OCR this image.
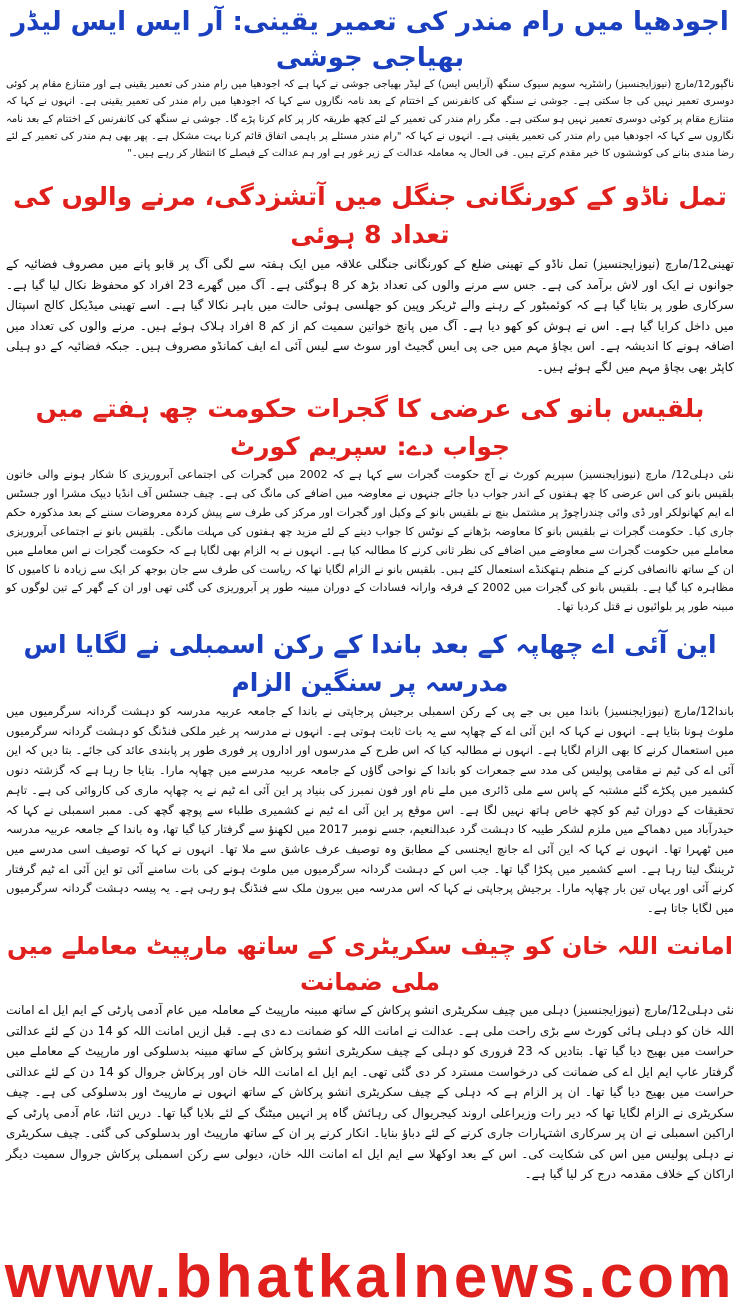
اجودھیا میں رام مندر کی تعمیر یقینی: آر ایس ایس لیڈر بھیاجی جوشی

ناگپور12/مارچ (نیوزایجنسیز) راشٹریہ سویم سیوک سنگھ (آرایس ایس) کے لیڈر بھیاجی جوشی نے کہا ہے کہ اجودھیا میں رام مندر کی تعمیر یقینی ہے اور متنازع مقام پر کوئی دوسری تعمیر نہیں کی جا سکتی ہے۔ جوشی نے سنگھ کی کانفرنس کے اختتام کے بعد نامہ نگاروں سے کہا کہ اجودھیا میں رام مندر کی تعمیر یقینی ہے۔ انہوں نے کہا کہ متنازع مقام پر کوئی دوسری تعمیر نہیں ہو سکتی ہے۔ مگر رام مندر کی تعمیر کے لئے کچھ طریقہ کار پر کام کرنا پڑے گا۔ جوشی نے سنگھ کی کانفرنس کے اختتام کے بعد نامہ نگاروں سے کہا کہ اجودھیا میں رام مندر کی تعمیر یقینی ہے۔ انہوں نے کہا کہ "رام مندر مسئلے پر باہمی اتفاق قائم کرنا بہت مشکل ہے۔ پھر بھی ہم مندر کی تعمیر کے لئے رضا مندی بنانے کی کوششوں کا خیر مقدم کرتے ہیں۔ فی الحال یہ معاملہ عدالت کے زیر غور ہے اور ہم عدالت کے فیصلے کا انتظار کر رہے ہیں۔"

تمل ناڈو کے کورنگانی جنگل میں آتشزدگی، مرنے والوں کی تعداد 8 ہوئی

تھینی12/مارچ (نیوزایجنسیز) تمل ناڈو کے تھینی ضلع کے کورنگانی جنگلی علاقہ میں ایک ہفتہ سے لگی آگ پر قابو پانے میں مصروف فضائیہ کے جوانوں نے ایک اور لاش برآمد کی ہے۔ جس سے مرنے والوں کی تعداد بڑھ کر 8 ہوگئی ہے۔ آگ میں گھرے 23 افراد کو محفوظ نکال لیا گیا ہے۔ سرکاری طور پر بتایا گیا ہے کہ کوئمبٹور کے رہنے والے ٹریکر وپین کو جھلسی ہوئی حالت میں باہر نکالا گیا ہے۔ اسے تھینی میڈیکل کالج اسپتال میں داخل کرایا گیا ہے۔ اس نے ہوش کو کھو دیا ہے۔ آگ میں پانچ خواتین سمیت کم از کم 8 افراد ہلاک ہوئے ہیں۔ مرنے والوں کی تعداد میں اضافہ ہونے کا اندیشہ ہے۔ اس بچاؤ مہم میں جی پی ایس گجیٹ اور سوٹ سے لیس آئی اے ایف کمانڈو مصروف ہیں۔ جبکہ فضائیہ کے دو ہیلی کاپٹر بھی بچاؤ مہم میں لگے ہوئے ہیں۔

بلقیس بانو کی عرضی کا گجرات حکومت چھ ہفتے میں جواب دے: سپریم کورٹ

نئی دہلی12/ مارچ (نیوزایجنسیز) سپریم کورٹ نے آج حکومت گجرات سے کہا ہے کہ 2002 میں گجرات کی اجتماعی آبروریزی کا شکار ہونے والی خاتون بلقیس بانو کی اس عرضی کا چھ ہفتوں کے اندر جواب دیا جائے جنہوں نے معاوضہ میں اضافے کی مانگ کی ہے۔ چیف جسٹس آف انڈیا دیپک مشرا اور جسٹس اے ایم کھانولکر اور ڈی وائی چندراچوڑ پر مشتمل بنچ نے بلقیس بانو کے وکیل اور گجرات اور مرکز کی طرف سے پیش کردہ معروضات سننے کے بعد مذکورہ حکم جاری کیا۔ حکومت گجرات نے بلقیس بانو کا معاوضہ بڑھانے کے نوٹس کا جواب دینے کے لئے مزید چھ ہفتوں کی مہلت مانگی۔ بلقیس بانو نے اجتماعی آبروریزی معاملے میں حکومت گجرات سے معاوضے میں اضافے کی نظر ثانی کرنے کا مطالبہ کیا ہے۔ انہوں نے یہ الزام بھی لگایا ہے کہ حکومت گجرات نے اس معاملے میں ان کے ساتھ ناانصافی کرنے کے منظم ہتھکنڈے استعمال کئے ہیں۔ بلقیس بانو نے الزام لگایا تھا کہ ریاست کی طرف سے جان بوجھ کر ایک سے زیادہ نا کامیوں کا مظاہرہ کیا گیا ہے۔ بلقیس بانو کی گجرات میں 2002 کے فرقہ وارانہ فسادات کے دوران مبینہ طور پر آبروریزی کی گئی تھی اور ان کے گھر کے تین لوگوں کو مبینہ طور پر بلوائیوں نے قتل کردیا تھا۔

این آئی اے چھاپہ کے بعد باندا کے رکن اسمبلی نے لگایا اس مدرسہ پر سنگین الزام

باندا12/مارچ (نیوزایجنسیز) باندا میں بی جے پی کے رکن اسمبلی برجیش پرجاپتی نے باندا کے جامعہ عربیہ مدرسہ کو دہشت گردانہ سرگرمیوں میں ملوث ہونا بتایا ہے۔ انہوں نے کہا کہ این آئی اے کے چھاپہ سے یہ بات ثابت ہوتی ہے۔ انہوں نے مدرسہ پر غیر ملکی فنڈنگ کو دہشت گردانہ سرگرمیوں میں استعمال کرنے کا بھی الزام لگایا ہے۔ انہوں نے مطالبہ کیا کہ اس طرح کے مدرسوں اور اداروں پر فوری طور پر پابندی عائد کی جائے۔ بتا دیں کہ این آئی اے کی ٹیم نے مقامی پولیس کی مدد سے جمعرات کو باندا کے نواحی گاؤں کے جامعہ عربیہ مدرسے میں چھاپہ مارا۔ بتایا جا رہا ہے کہ گزشتہ دنوں کشمیر میں پکڑے گئے مشتبہ کے پاس سے ملی ڈائری میں ملے نام اور فون نمبرز کی بنیاد پر این آئی اے ٹیم نے یہ چھاپہ ماری کی کاروائی کی ہے۔ تاہم تحقیقات کے دوران ٹیم کو کچھ خاص ہاتھ نہیں لگا ہے۔ اس موقع پر این آئی اے ٹیم نے کشمیری طلباء سے پوچھ گچھ کی۔ ممبر اسمبلی نے کہا کہ حیدرآباد میں دھماکے میں ملزم لشکر طیبہ کا دہشت گرد عبدالنعیم، جسے نومبر 2017 میں لکھنؤ سے گرفتار کیا گیا تھا، وہ باندا کے جامعہ عربیہ مدرسہ میں ٹھہرا تھا۔ انہوں نے کہا کہ این آئی اے جانچ ایجنسی کے مطابق وہ توصیف عرف عاشق سے ملا تھا۔ انہوں نے کہا کہ توصیف اسی مدرسے میں ٹریننگ لیتا رہا ہے۔ اسے کشمیر میں پکڑا گیا تھا۔ جب اس کے دہشت گردانہ سرگرمیوں میں ملوث ہونے کی بات سامنے آئی تو این آئی اے ٹیم گرفتار کرنے آئی اور یہاں تین بار چھاپہ مارا۔ برجیش پرجاپتی نے کہا کہ اس مدرسہ میں بیرون ملک سے فنڈنگ ہو رہی ہے۔ یہ پیسہ دہشت گردانہ سرگرمیوں میں لگایا جاتا ہے۔

امانت اللہ خان کو چیف سکریٹری کے ساتھ مارپیٹ معاملے میں ملی ضمانت

نئی دہلی12/مارچ (نیوزایجنسیز) دہلی میں چیف سکریٹری انشو پرکاش کے ساتھ مبینہ مارپیٹ کے معاملہ میں عام آدمی پارٹی کے ایم ایل اے امانت اللہ خان کو دہلی ہائی کورٹ سے بڑی راحت ملی ہے۔ عدالت نے امانت اللہ کو ضمانت دے دی ہے۔ قبل ازیں امانت اللہ کو 14 دن کے لئے عدالتی حراست میں بھیج دیا گیا تھا۔ بتادیں کہ 23 فروری کو دہلی کے چیف سکریٹری انشو پرکاش کے ساتھ مبینہ بدسلوکی اور مارپیٹ کے معاملے میں گرفتار عاپ ایم ایل اے کی ضمانت کی درخواست مسترد کر دی گئی تھی۔ ایم ایل اے امانت اللہ خان اور پرکاش جروال کو 14 دن کے لئے عدالتی حراست میں بھیج دیا گیا تھا۔ ان پر الزام ہے کہ دہلی کے چیف سکریٹری انشو پرکاش کے ساتھ انہوں نے مارپیٹ اور بدسلوکی کی ہے۔ چیف سکریٹری نے الزام لگایا تھا کہ دیر رات وزیراعلی اروند کیجریوال کی رہائش گاہ پر انہیں میٹنگ کے لئے بلایا گیا تھا۔ دریں اثنا، عام آدمی پارٹی کے اراکین اسمبلی نے ان پر سرکاری اشتہارات جاری کرنے کے لئے دباؤ بنایا۔ انکار کرنے پر ان کے ساتھ مارپیٹ اور بدسلوکی کی گئی۔ چیف سکریٹری نے دہلی پولیس میں اس کی شکایت کی۔ اس کے بعد اوکھلا سے ایم ایل اے امانت اللہ خان، دیولی سے رکن اسمبلی پرکاش جروال سمیت دیگر اراکان کے خلاف مقدمہ درج کر لیا گیا ہے۔

www.bhatkalnews.com
